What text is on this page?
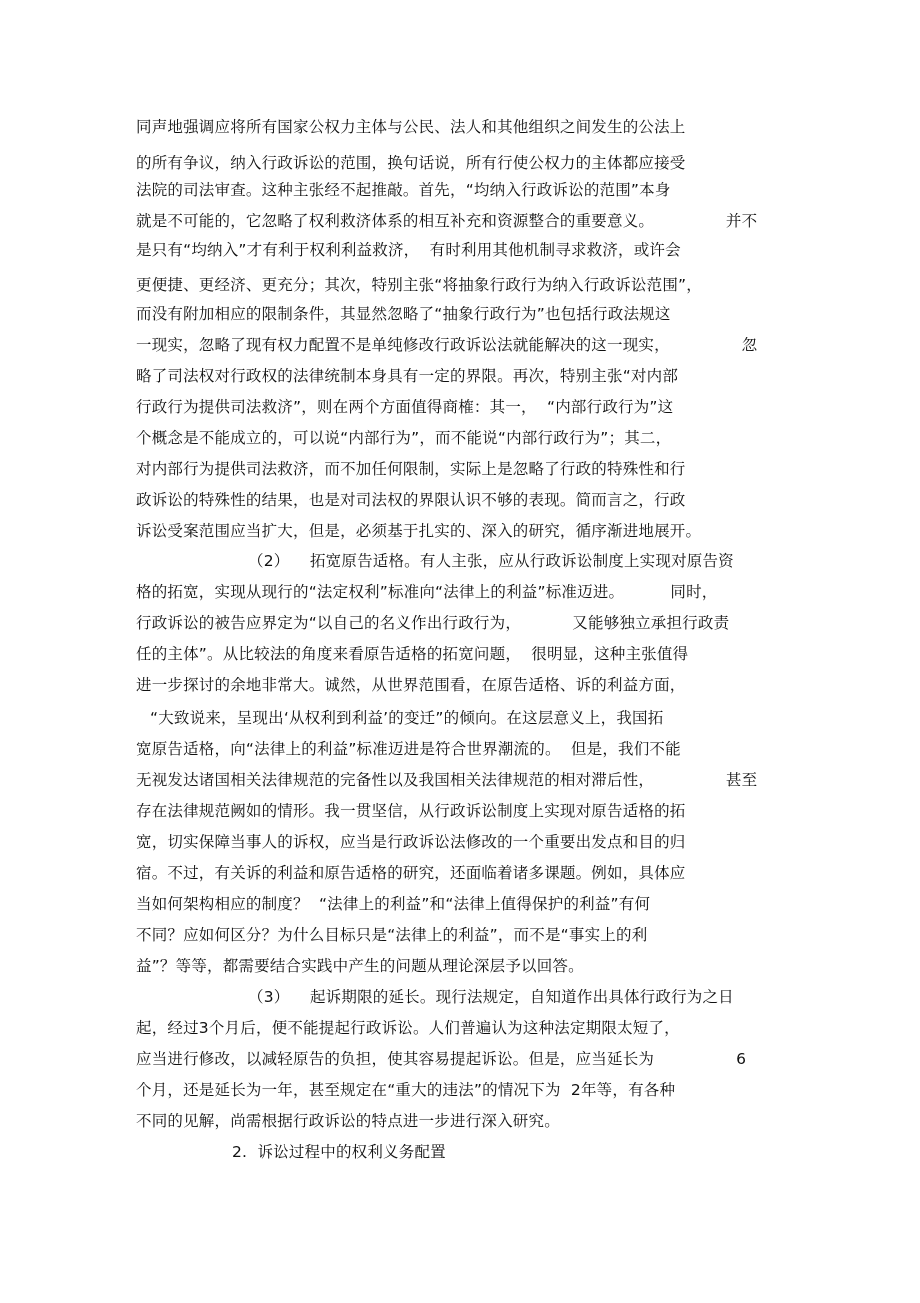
同声地强调应将所有国家公权力主体与公民、法人和其他组织之间发生的公法上
的所有争议，纳入行政诉讼的范围，换句话说，所有行使公权力的主体都应接受
法院的司法审查。这种主张经不起推敲。首先，“均纳入行政诉讼的范围”本身
就是不可能的，它忽略了权利救济体系的相互补充和资源整合的重要意义。              并不
是只有“均纳入”才有利于权利利益救济，  有时利用其他机制寻求救济，或许会
更便捷、更经济、更充分；其次，特别主张“将抽象行政行为纳入行政诉讼范围”，
而没有附加相应的限制条件，其显然忽略了“抽象行政行为”也包括行政法规这
一现实，忽略了现有权力配置不是单纯修改行政诉讼法就能解决的这一现实，              忽
略了司法权对行政权的法律统制本身具有一定的界限。再次，特别主张“对内部
行政行为提供司法救济”，则在两个方面值得商榷：其一，  “内部行政行为”这
个概念是不能成立的，可以说“内部行为”，而不能说“内部行政行为”；其二，
对内部行为提供司法救济，而不加任何限制，实际上是忽略了行政的特殊性和行
政诉讼的特殊性的结果，也是对司法权的界限认识不够的表现。简而言之，行政
诉讼受案范围应当扩大，但是，必须基于扎实的、深入的研究，循序渐进地展开。
（2）    拓宽原告适格。有人主张，应从行政诉讼制度上实现对原告资
格的拓宽，实现从现行的“法定权利”标准向“法律上的利益”标准迈进。         同时，
行政诉讼的被告应界定为“以自己的名义作出行政行为，          又能够独立承担行政责
任的主体”。从比较法的角度来看原告适格的拓宽问题，  很明显，这种主张值得
进一步探讨的余地非常大。诚然，从世界范围看，在原告适格、诉的利益方面，
“大致说来，呈现出‘从权利到利益’的变迁”的倾向。在这层意义上，我国拓
宽原告适格，向“法律上的利益”标准迈进是符合世界潮流的。  但是，我们不能
无视发达诸国相关法律规范的完备性以及我国相关法律规范的相对滞后性，              甚至
存在法律规范阙如的情形。我一贯坚信，从行政诉讼制度上实现对原告适格的拓
宽，切实保障当事人的诉权，应当是行政诉讼法修改的一个重要出发点和目的归
宿。不过，有关诉的利益和原告适格的研究，还面临着诸多课题。例如，具体应
当如何架构相应的制度？  “法律上的利益”和“法律上值得保护的利益”有何
不同？应如何区分？为什么目标只是“法律上的利益”，而不是“事实上的利
益”？等等，都需要结合实践中产生的问题从理论深层予以回答。
（3）    起诉期限的延长。现行法规定，自知道作出具体行政行为之日
起，经过3个月后，便不能提起行政诉讼。人们普遍认为这种法定期限太短了，
应当进行修改，以减轻原告的负担，使其容易提起诉讼。但是，应当延长为                6
个月，还是延长为一年，甚至规定在“重大的违法”的情况下为  2年等，有各种
不同的见解，尚需根据行政诉讼的特点进一步进行深入研究。
2.  诉讼过程中的权利义务配置
